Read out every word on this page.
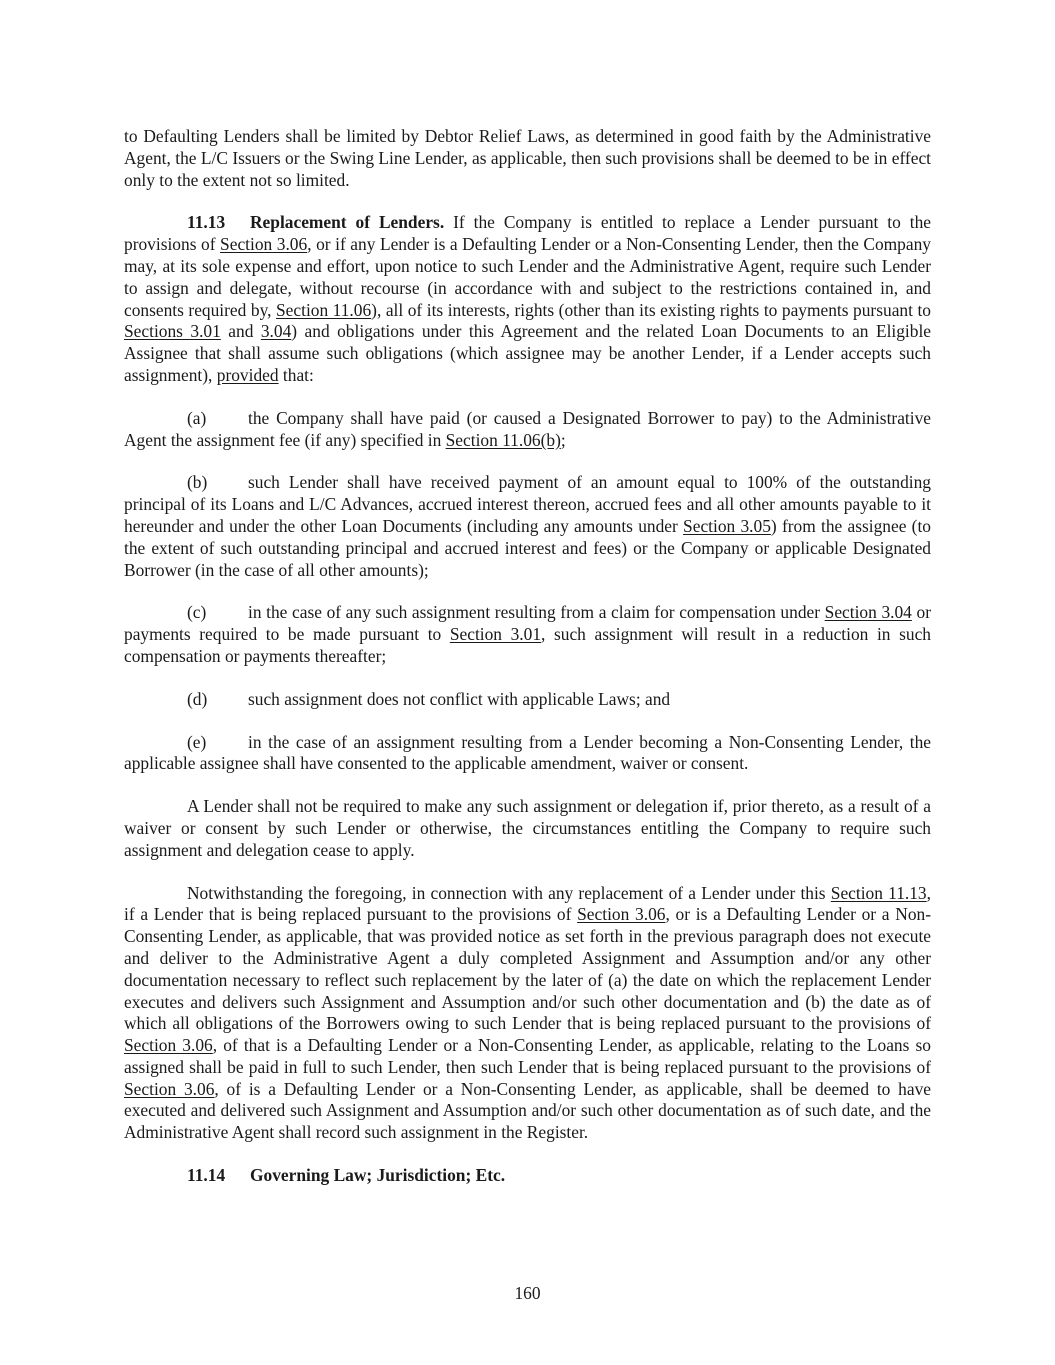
to Defaulting Lenders shall be limited by Debtor Relief Laws, as determined in good faith by the Administrative Agent, the L/C Issuers or the Swing Line Lender, as applicable, then such provisions shall be deemed to be in effect only to the extent not so limited.

11.13 Replacement of Lenders. If the Company is entitled to replace a Lender pursuant to the provisions of Section 3.06, or if any Lender is a Defaulting Lender or a Non-Consenting Lender, then the Company may, at its sole expense and effort, upon notice to such Lender and the Administrative Agent, require such Lender to assign and delegate, without recourse (in accordance with and subject to the restrictions contained in, and consents required by, Section 11.06), all of its interests, rights (other than its existing rights to payments pursuant to Sections 3.01 and 3.04) and obligations under this Agreement and the related Loan Documents to an Eligible Assignee that shall assume such obligations (which assignee may be another Lender, if a Lender accepts such assignment), provided that:

(a) the Company shall have paid (or caused a Designated Borrower to pay) to the Administrative Agent the assignment fee (if any) specified in Section 11.06(b);

(b) such Lender shall have received payment of an amount equal to 100% of the outstanding principal of its Loans and L/C Advances, accrued interest thereon, accrued fees and all other amounts payable to it hereunder and under the other Loan Documents (including any amounts under Section 3.05) from the assignee (to the extent of such outstanding principal and accrued interest and fees) or the Company or applicable Designated Borrower (in the case of all other amounts);

(c) in the case of any such assignment resulting from a claim for compensation under Section 3.04 or payments required to be made pursuant to Section 3.01, such assignment will result in a reduction in such compensation or payments thereafter;

(d) such assignment does not conflict with applicable Laws; and

(e) in the case of an assignment resulting from a Lender becoming a Non-Consenting Lender, the applicable assignee shall have consented to the applicable amendment, waiver or consent.

A Lender shall not be required to make any such assignment or delegation if, prior thereto, as a result of a waiver or consent by such Lender or otherwise, the circumstances entitling the Company to require such assignment and delegation cease to apply.

Notwithstanding the foregoing, in connection with any replacement of a Lender under this Section 11.13, if a Lender that is being replaced pursuant to the provisions of Section 3.06, or is a Defaulting Lender or a Non-Consenting Lender, as applicable, that was provided notice as set forth in the previous paragraph does not execute and deliver to the Administrative Agent a duly completed Assignment and Assumption and/or any other documentation necessary to reflect such replacement by the later of (a) the date on which the replacement Lender executes and delivers such Assignment and Assumption and/or such other documentation and (b) the date as of which all obligations of the Borrowers owing to such Lender that is being replaced pursuant to the provisions of Section 3.06, of that is a Defaulting Lender or a Non-Consenting Lender, as applicable, relating to the Loans so assigned shall be paid in full to such Lender, then such Lender that is being replaced pursuant to the provisions of Section 3.06, of is a Defaulting Lender or a Non-Consenting Lender, as applicable, shall be deemed to have executed and delivered such Assignment and Assumption and/or such other documentation as of such date, and the Administrative Agent shall record such assignment in the Register.

11.14 Governing Law; Jurisdiction; Etc.

160
